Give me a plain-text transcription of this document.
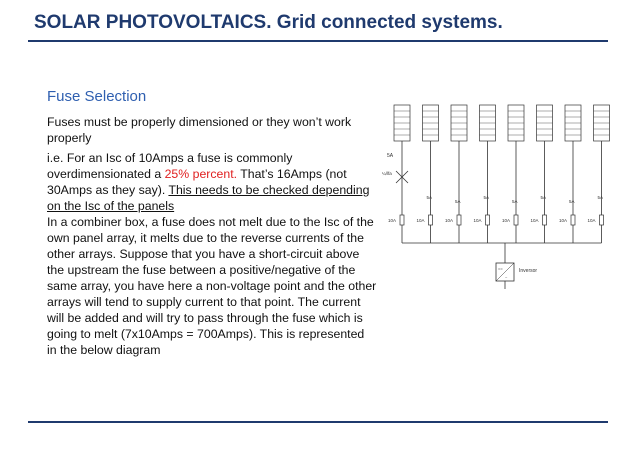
SOLAR PHOTOVOLTAICS. Grid connected systems.
Fuse Selection
Fuses must be properly dimensioned or they won’t work properly
i.e. For an Isc of 10Amps a fuse is commonly overdimensionated a 25% percent. That’s 16Amps (not 30Amps as they say). This needs to be checked depending on the Isc of the panels
In a combiner box, a fuse does not melt due to the Isc of the own panel array, it melts due to the reverse currents of the other arrays. Suppose that you have a short-circuit above the upstream the fuse between a positive/negative of the same array, you have here a non-voltage point and the other arrays will tend to supply current to that point. The current will be added and will try to pass through the fuse which is going to melt (7x10Amps = 700Amps). This is represented in the below diagram
10A	10A
5A
10A
5A
10A
5A
10A
5A
10A
5A
10A
5A
10A
5A
5A
¼/lfa
==
~
Inversor
